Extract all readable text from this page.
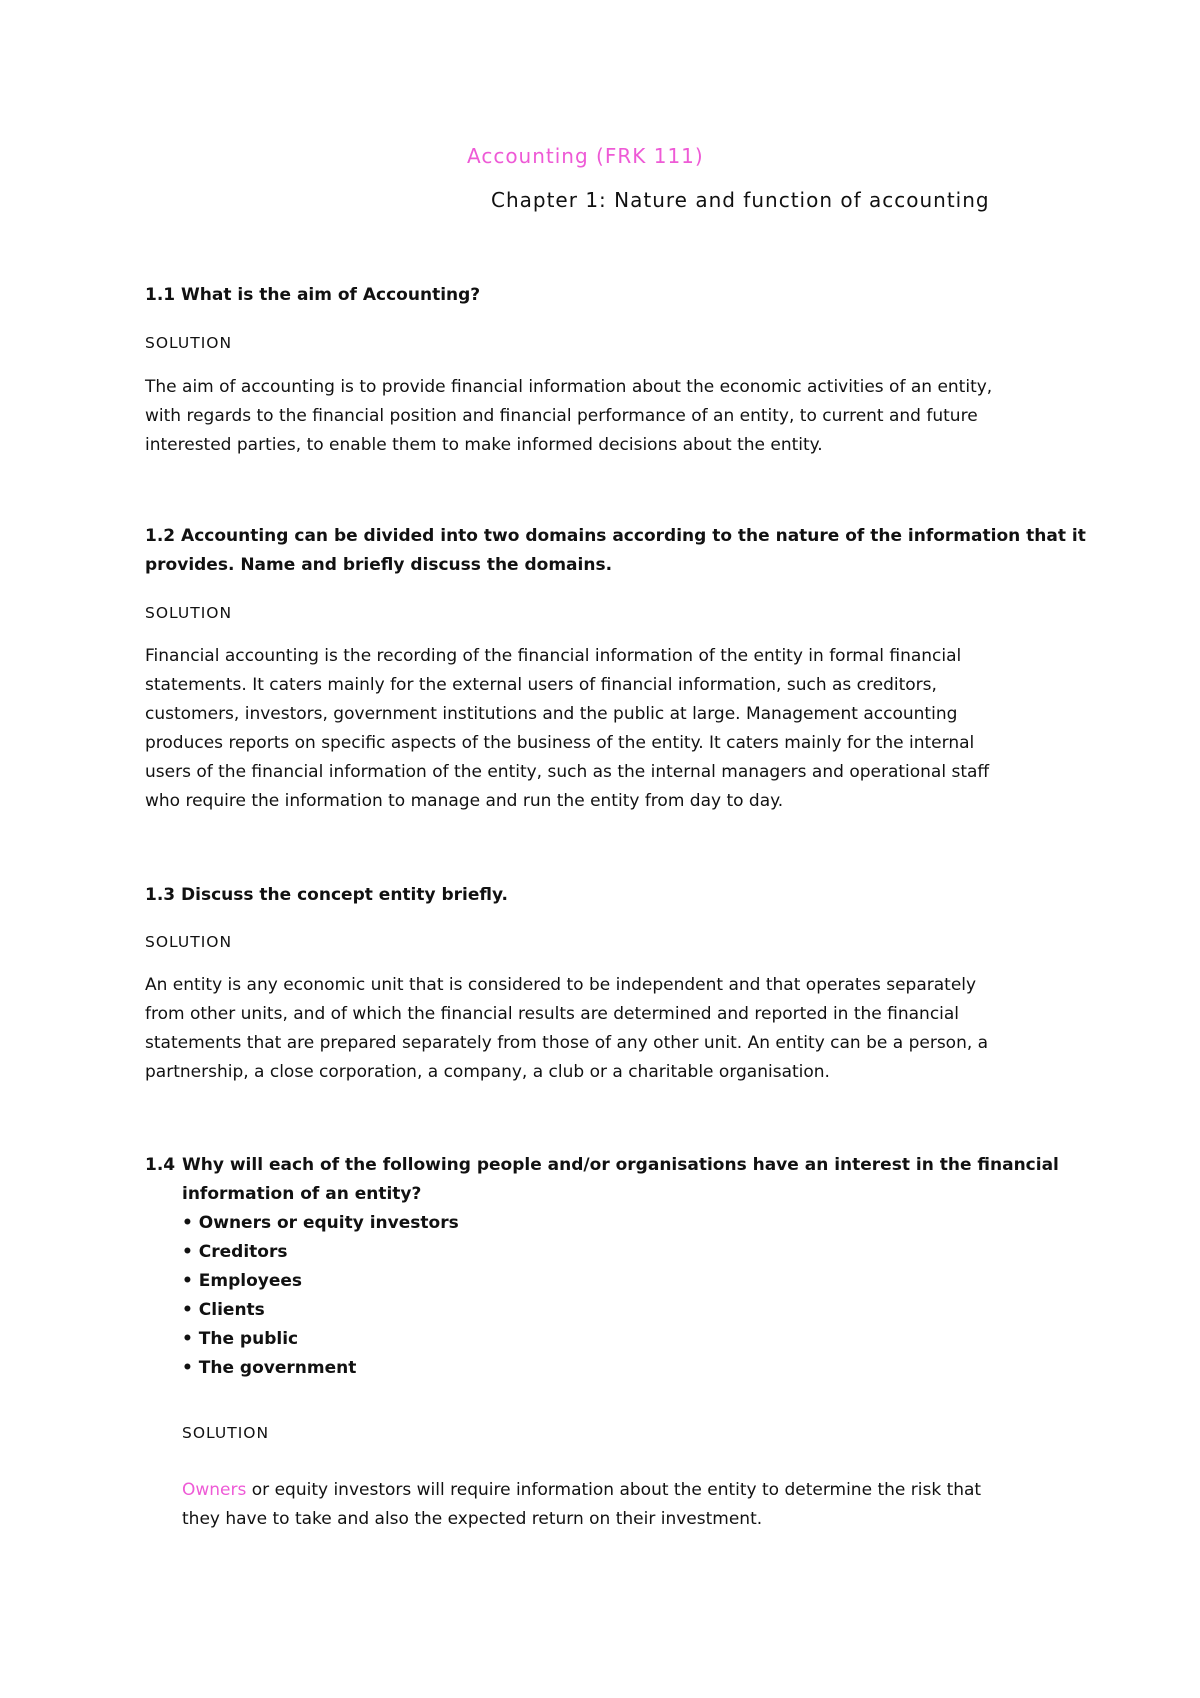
Accounting (FRK 111)
Chapter 1: Nature and function of accounting
1.1 What is the aim of Accounting?
SOLUTION
The aim of accounting is to provide financial information about the economic activities of an entity,
with regards to the financial position and financial performance of an entity, to current and future
interested parties, to enable them to make informed decisions about the entity.
1.2 Accounting can be divided into two domains according to the nature of the information that it
provides. Name and briefly discuss the domains.
SOLUTION
Financial accounting is the recording of the financial information of the entity in formal financial
statements. It caters mainly for the external users of financial information, such as creditors,
customers, investors, government institutions and the public at large. Management accounting
produces reports on specific aspects of the business of the entity. It caters mainly for the internal
users of the financial information of the entity, such as the internal managers and operational staff
who require the information to manage and run the entity from day to day.
1.3 Discuss the concept entity briefly.
SOLUTION
An entity is any economic unit that is considered to be independent and that operates separately
from other units, and of which the financial results are determined and reported in the financial
statements that are prepared separately from those of any other unit. An entity can be a person, a
partnership, a close corporation, a company, a club or a charitable organisation.
1.4 Why will each of the following people and/or organisations have an interest in the financial
information of an entity?
• Owners or equity investors
• Creditors
• Employees
• Clients
• The public
• The government
SOLUTION
Owners or equity investors will require information about the entity to determine the risk that
they have to take and also the expected return on their investment.
